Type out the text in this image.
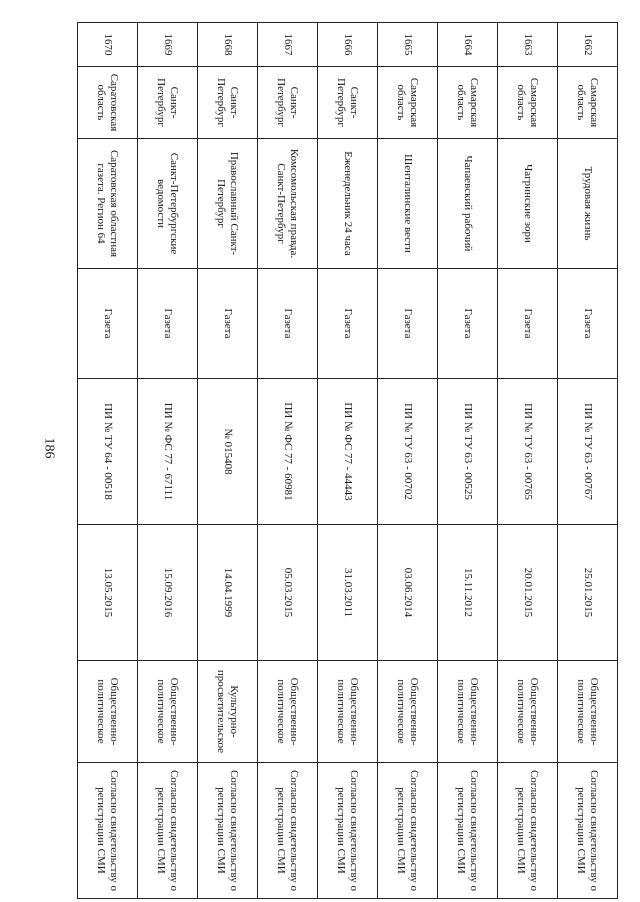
186
1662	Самарская область	Трудовая жизнь	Газета	ПИ № ТУ 63 - 00767	25.01.2015	Общественно-политическое	Согласно свидетельству о регистрации СМИ
1663	Самарская область	Чагринские зори	Газета	ПИ № ТУ 63 - 00765	20.01.2015	Общественно-политическое	Согласно свидетельству о регистрации СМИ
1664	Самарская область	Чапаевский рабочий	Газета	ПИ № ТУ 63 - 00525	15.11.2012	Общественно-политическое	Согласно свидетельству о регистрации СМИ
1665	Самарская область	Шенталинские вести	Газета	ПИ № ТУ 63 - 00702	03.06.2014	Общественно-политическое	Согласно свидетельству о регистрации СМИ
1666	Санкт-Петербург	Еженедельник 24 часа	Газета	ПИ № ФС 77 - 44443	31.03.2011	Общественно-политическое	Согласно свидетельству о регистрации СМИ
1667	Санкт-Петербург	Комсомольская правда. Санкт-Петербург	Газета	ПИ № ФС 77 - 60981	05.03.2015	Общественно-политическое	Согласно свидетельству о регистрации СМИ
1668	Санкт-Петербург	Православный Санкт-Петербург	Газета	№ 015408	14.04.1999	Культурно-просветительское	Согласно свидетельству о регистрации СМИ
1669	Санкт-Петербург	Санкт-Петербургские ведомости	Газета	ПИ № ФС 77 - 67111	15.09.2016	Общественно-политическое	Согласно свидетельству о регистрации СМИ
1670	Саратовская область	Саратовская областная газета. Регион 64	Газета	ПИ № ТУ 64 - 00518	13.05.2015	Общественно-политическое	Согласно свидетельству о регистрации СМИ
